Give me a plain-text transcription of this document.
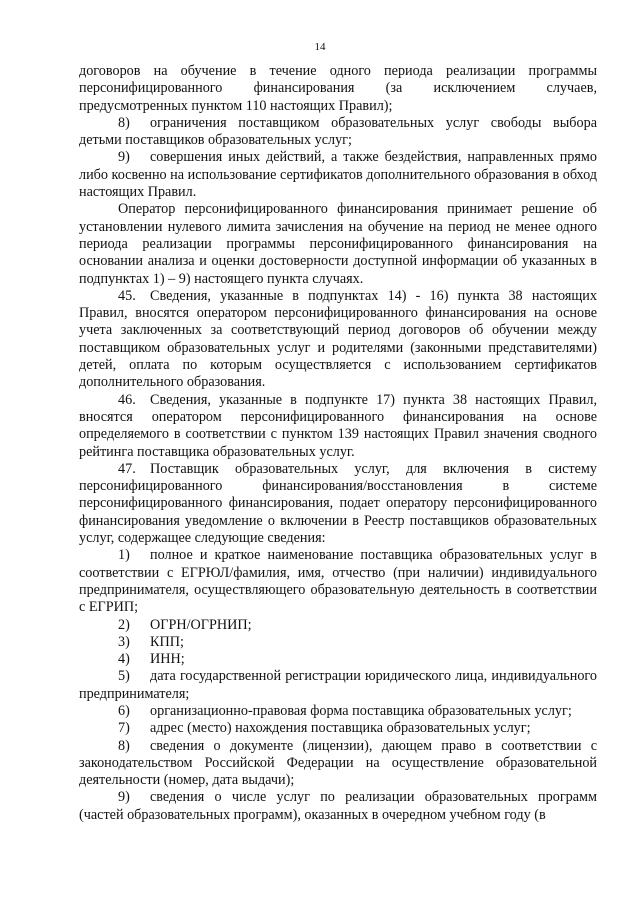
14

договоров на обучение в течение одного периода реализации программы персонифицированного финансирования (за исключением случаев, предусмотренных пунктом 110 настоящих Правил);

8) ограничения поставщиком образовательных услуг свободы выбора детьми поставщиков образовательных услуг;

9) совершения иных действий, а также бездействия, направленных прямо либо косвенно на использование сертификатов дополнительного образования в обход настоящих Правил.

Оператор персонифицированного финансирования принимает решение об установлении нулевого лимита зачисления на обучение на период не менее одного периода реализации программы персонифицированного финансирования на основании анализа и оценки достоверности доступной информации об указанных в подпунктах 1) – 9) настоящего пункта случаях.

45. Сведения, указанные в подпунктах 14) - 16) пункта 38 настоящих Правил, вносятся оператором персонифицированного финансирования на основе учета заключенных за соответствующий период договоров об обучении между поставщиком образовательных услуг и родителями (законными представителями) детей, оплата по которым осуществляется с использованием сертификатов дополнительного образования.

46. Сведения, указанные в подпункте 17) пункта 38 настоящих Правил, вносятся оператором персонифицированного финансирования на основе определяемого в соответствии с пунктом 139 настоящих Правил значения сводного рейтинга поставщика образовательных услуг.

47. Поставщик образовательных услуг, для включения в систему персонифицированного финансирования/восстановления в системе персонифицированного финансирования, подает оператору персонифицированного финансирования уведомление о включении в Реестр поставщиков образовательных услуг, содержащее следующие сведения:

1) полное и краткое наименование поставщика образовательных услуг в соответствии с ЕГРЮЛ/фамилия, имя, отчество (при наличии) индивидуального предпринимателя, осуществляющего образовательную деятельность в соответствии с ЕГРИП;

2) ОГРН/ОГРНИП;

3) КПП;

4) ИНН;

5) дата государственной регистрации юридического лица, индивидуального предпринимателя;

6) организационно-правовая форма поставщика образовательных услуг;

7) адрес (место) нахождения поставщика образовательных услуг;

8) сведения о документе (лицензии), дающем право в соответствии с законодательством Российской Федерации на осуществление образовательной деятельности (номер, дата выдачи);

9) сведения о числе услуг по реализации образовательных программ (частей образовательных программ), оказанных в очередном учебном году (в
